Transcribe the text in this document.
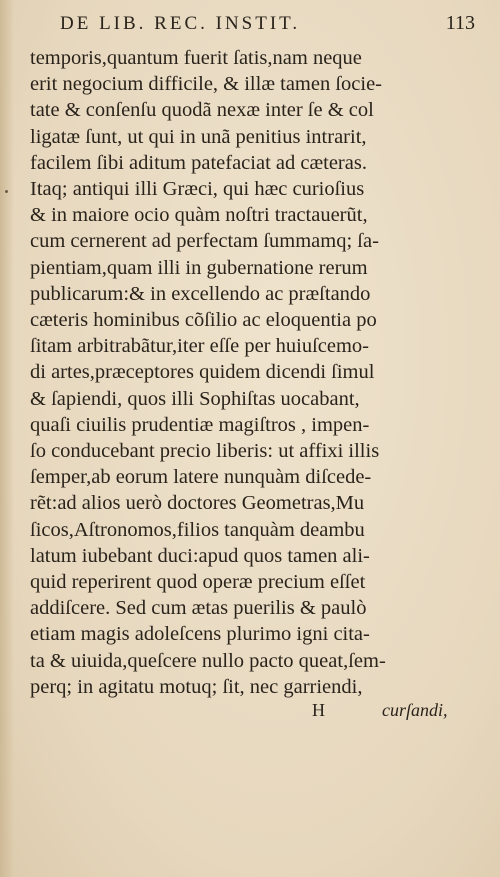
DE LIB. REC. INSTIT.	113
temporis,quantum fuerit ſatis,nam neque
erit negocium difficile, & illæ tamen ſocie-
tate & conſenſu quodã nexæ inter ſe & col
ligatæ ſunt, ut qui in unã penitius intrarit,
facilem ſibi aditum patefaciat ad cæteras.
Itaq; antiqui illi Græci, qui hæc curioſius
& in maiore ocio quàm noſtri tractauerũt,
cum cernerent ad perfectam ſummamq; ſa-
pientiam,quam illi in gubernatione rerum
publicarum:& in excellendo ac præſtando
cæteris hominibus cõſilio ac eloquentia po
ſitam arbitrabãtur,iter eſſe per huiuſcemo-
di artes,præceptores quidem dicendi ſimul
& ſapiendi, quos illi Sophiſtas uocabant,
quaſi ciuilis prudentiæ magiſtros , impen-
ſo conducebant precio liberis: ut affixi illis
ſemper,ab eorum latere nunquàm diſcede-
rẽt:ad alios uerò doctores Geometras,Mu
ſicos,Aſtronomos,filios tanquàm deambu
latum iubebant duci:apud quos tamen ali-
quid reperirent quod operæ precium eſſet
addiſcere. Sed cum ætas puerilis & paulò
etiam magis adoleſcens plurimo igni cita-
ta & uiuida,queſcere nullo pacto queat,ſem-
perq; in agitatu motuq; ſit, nec garriendi,
H	curſandi,
